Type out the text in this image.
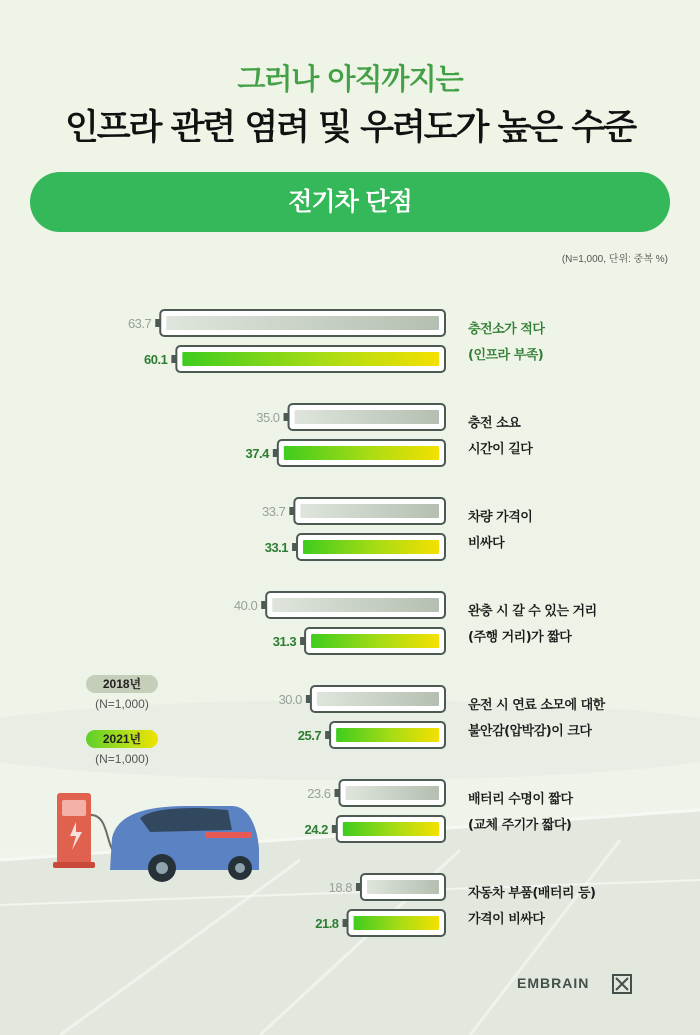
그러나 아직까지는
인프라 관련 염려 및 우려도가 높은 수준
전기차 단점
(N=1,000, 단위: 중복 %)
2018년
(N=1,000)
2021년
(N=1,000)
63.7
60.1
충전소가 적다
(인프라 부족)
35.0
37.4
충전 소요
시간이 길다
33.7
33.1
차량 가격이
비싸다
40.0
31.3
완충 시 갈 수 있는 거리
(주행 거리)가 짧다
30.0
25.7
운전 시 연료 소모에 대한
불안감(압박감)이 크다
23.6
24.2
배터리 수명이 짧다
(교체 주기가 짧다)
18.8
21.8
자동차 부품(배터리 등)
가격이 비싸다
EMBRAIN
